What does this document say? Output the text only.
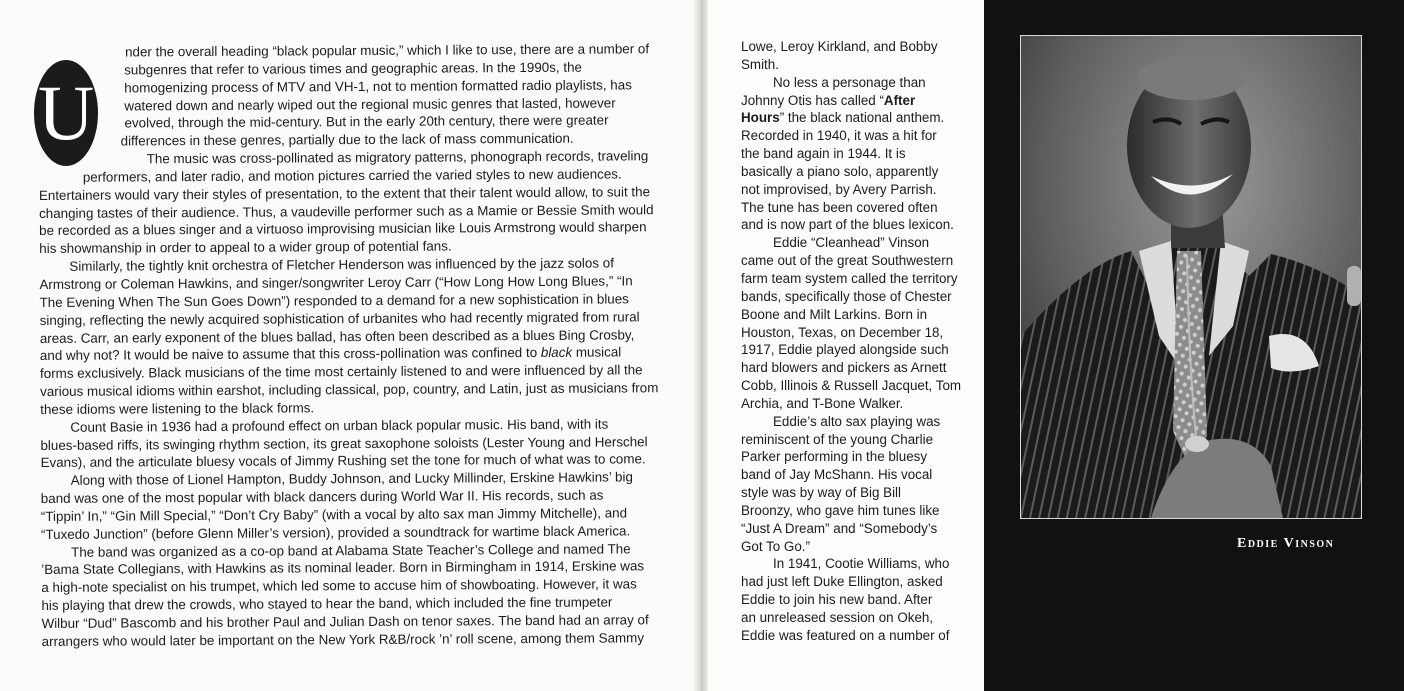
U
nder the overall heading “black popular music,” which I like to use, there are a number of
subgenres that refer to various times and geographic areas. In the 1990s, the
homogenizing process of MTV and VH-1, not to mention formatted radio playlists, has
watered down and nearly wiped out the regional music genres that lasted, however
evolved, through the mid-century. But in the early 20th century, there were greater
differences in these genres, partially due to the lack of mass communication.
The music was cross-pollinated as migratory patterns, phonograph records, traveling
performers, and later radio, and motion pictures carried the varied styles to new audiences.
Entertainers would vary their styles of presentation, to the extent that their talent would allow, to suit the
changing tastes of their audience. Thus, a vaudeville performer such as a Mamie or Bessie Smith would
be recorded as a blues singer and a virtuoso improvising musician like Louis Armstrong would sharpen
his showmanship in order to appeal to a wider group of potential fans.
Similarly, the tightly knit orchestra of Fletcher Henderson was influenced by the jazz solos of
Armstrong or Coleman Hawkins, and singer/songwriter Leroy Carr (“How Long How Long Blues,” “In
The Evening When The Sun Goes Down”) responded to a demand for a new sophistication in blues
singing, reflecting the newly acquired sophistication of urbanites who had recently migrated from rural
areas. Carr, an early exponent of the blues ballad, has often been described as a blues Bing Crosby,
and why not? It would be naive to assume that this cross-pollination was confined to black musical
forms exclusively. Black musicians of the time most certainly listened to and were influenced by all the
various musical idioms within earshot, including classical, pop, country, and Latin, just as musicians from
these idioms were listening to the black forms.
Count Basie in 1936 had a profound effect on urban black popular music. His band, with its
blues-based riffs, its swinging rhythm section, its great saxophone soloists (Lester Young and Herschel
Evans), and the articulate bluesy vocals of Jimmy Rushing set the tone for much of what was to come.
Along with those of Lionel Hampton, Buddy Johnson, and Lucky Millinder, Erskine Hawkins’ big
band was one of the most popular with black dancers during World War II. His records, such as
“Tippin’ In,” “Gin Mill Special,” “Don’t Cry Baby” (with a vocal by alto sax man Jimmy Mitchelle), and
“Tuxedo Junction” (before Glenn Miller’s version), provided a soundtrack for wartime black America.
The band was organized as a co-op band at Alabama State Teacher’s College and named The
’Bama State Collegians, with Hawkins as its nominal leader. Born in Birmingham in 1914, Erskine was
a high-note specialist on his trumpet, which led some to accuse him of showboating. However, it was
his playing that drew the crowds, who stayed to hear the band, which included the fine trumpeter
Wilbur “Dud” Bascomb and his brother Paul and Julian Dash on tenor saxes. The band had an array of
arrangers who would later be important on the New York R&B/rock ’n’ roll scene, among them Sammy
Lowe, Leroy Kirkland, and Bobby
Smith.
No less a personage than
Johnny Otis has called “After
Hours” the black national anthem.
Recorded in 1940, it was a hit for
the band again in 1944. It is
basically a piano solo, apparently
not improvised, by Avery Parrish.
The tune has been covered often
and is now part of the blues lexicon.
Eddie “Cleanhead” Vinson
came out of the great Southwestern
farm team system called the territory
bands, specifically those of Chester
Boone and Milt Larkins. Born in
Houston, Texas, on December 18,
1917, Eddie played alongside such
hard blowers and pickers as Arnett
Cobb, Illinois & Russell Jacquet, Tom
Archia, and T-Bone Walker.
Eddie’s alto sax playing was
reminiscent of the young Charlie
Parker performing in the bluesy
band of Jay McShann. His vocal
style was by way of Big Bill
Broonzy, who gave him tunes like
“Just A Dream” and “Somebody’s
Got To Go.”
In 1941, Cootie Williams, who
had just left Duke Ellington, asked
Eddie to join his new band. After
an unreleased session on Okeh,
Eddie was featured on a number of

Eddie Vinson
